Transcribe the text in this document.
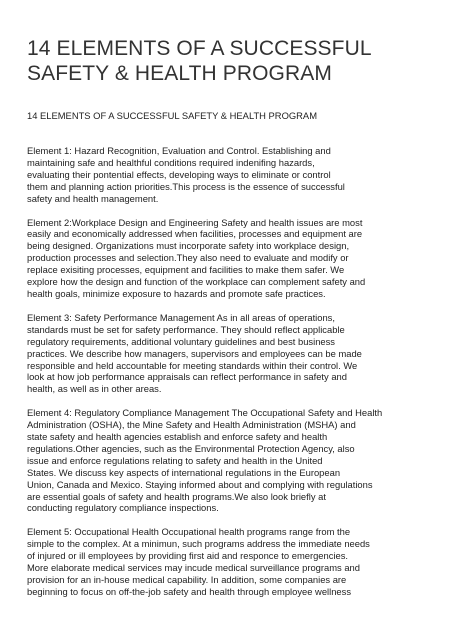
14 ELEMENTS OF A SUCCESSFUL SAFETY & HEALTH PROGRAM
14 ELEMENTS OF A SUCCESSFUL SAFETY & HEALTH PROGRAM

Element 1: Hazard Recognition, Evaluation and Control. Establishing and
maintaining safe and healthful conditions required indenifing hazards,
evaluating their pontential effects, developing ways to eliminate or control
them and planning action priorities.This process is the essence of successful
safety and health management.

Element 2:Workplace Design and Engineering Safety and health issues are most
easily and economically addressed when facilities, processes and equipment are
being designed. Organizations must incorporate safety into workplace design,
production processes and selection.They also need to evaluate and modify or
replace exisiting processes, equipment and facilities to make them safer. We
explore how the design and function of the workplace can complement safety and
health goals, minimize exposure to hazards and promote safe practices.

Element 3: Safety Performance Management As in all areas of operations,
standards must be set for safety performance. They should reflect applicable
regulatory requirements, additional voluntary guidelines and best business
practices. We describe how managers, supervisors and employees can be made
responsible and held accountable for meeting standards within their control. We
look at how job performance appraisals can reflect performance in safety and
health, as well as in other areas.

Element 4: Regulatory Compliance Management The Occupational Safety and Health
Administration (OSHA), the Mine Safety and Health Administration (MSHA) and
state safety and health agencies establish and enforce safety and health
regulations.Other agencies, such as the Environmental Protection Agency, also
issue and enforce regulations relating to safety and health in the United
States. We discuss key aspects of international regulations in the European
Union, Canada and Mexico. Staying informed about and complying with regulations
are essential goals of safety and health programs.We also look briefly at
conducting regulatory compliance inspections.

Element 5: Occupational Health Occupational health programs range from the
simple to the complex. At a minimun, such programs address the immediate needs
of injured or ill employees by providing first aid and responce to emergencies.
More elaborate medical services may incude medical surveillance programs and
provision for an in-house medical capability. In addition, some companies are
beginning to focus on off-the-job safety and health through employee wellness
